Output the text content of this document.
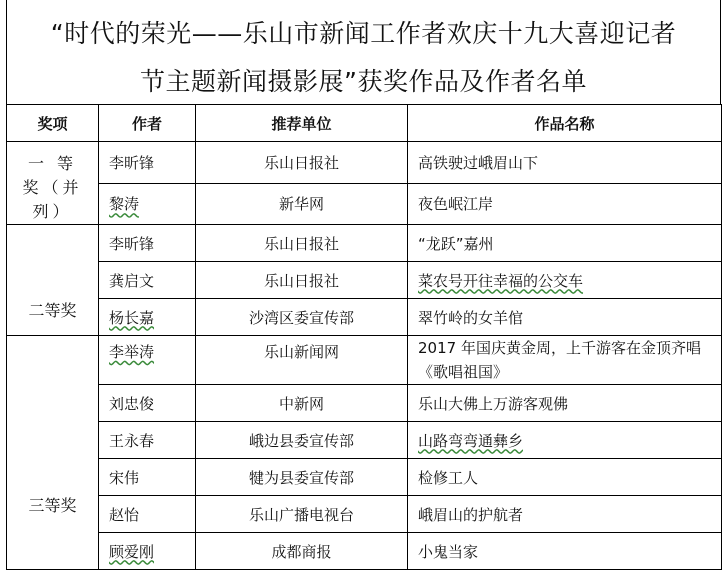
“时代的荣光——乐山市新闻工作者欢庆十九大喜迎记者
节主题新闻摄影展”获奖作品及作者名单
奖项	作者	推荐单位	作品名称

一 等 奖（并列）	李昕锋	乐山日报社	高铁驶过峨眉山下
	黎涛	新华网	夜色岷江岸

二等奖	李昕锋	乐山日报社	“龙跃”嘉州
	龚启文	乐山日报社	菜农号开往幸福的公交车
	杨长嘉	沙湾区委宣传部	翠竹岭的女羊倌

三等奖	李举涛	乐山新闻网	2017 年国庆黄金周，上千游客在金顶齐唱《歌唱祖国》
	刘忠俊	中新网	乐山大佛上万游客观佛
	王永春	峨边县委宣传部	山路弯弯通彝乡
	宋伟	犍为县委宣传部	检修工人
	赵怡	乐山广播电视台	峨眉山的护航者
	顾爱刚	成都商报	小鬼当家
